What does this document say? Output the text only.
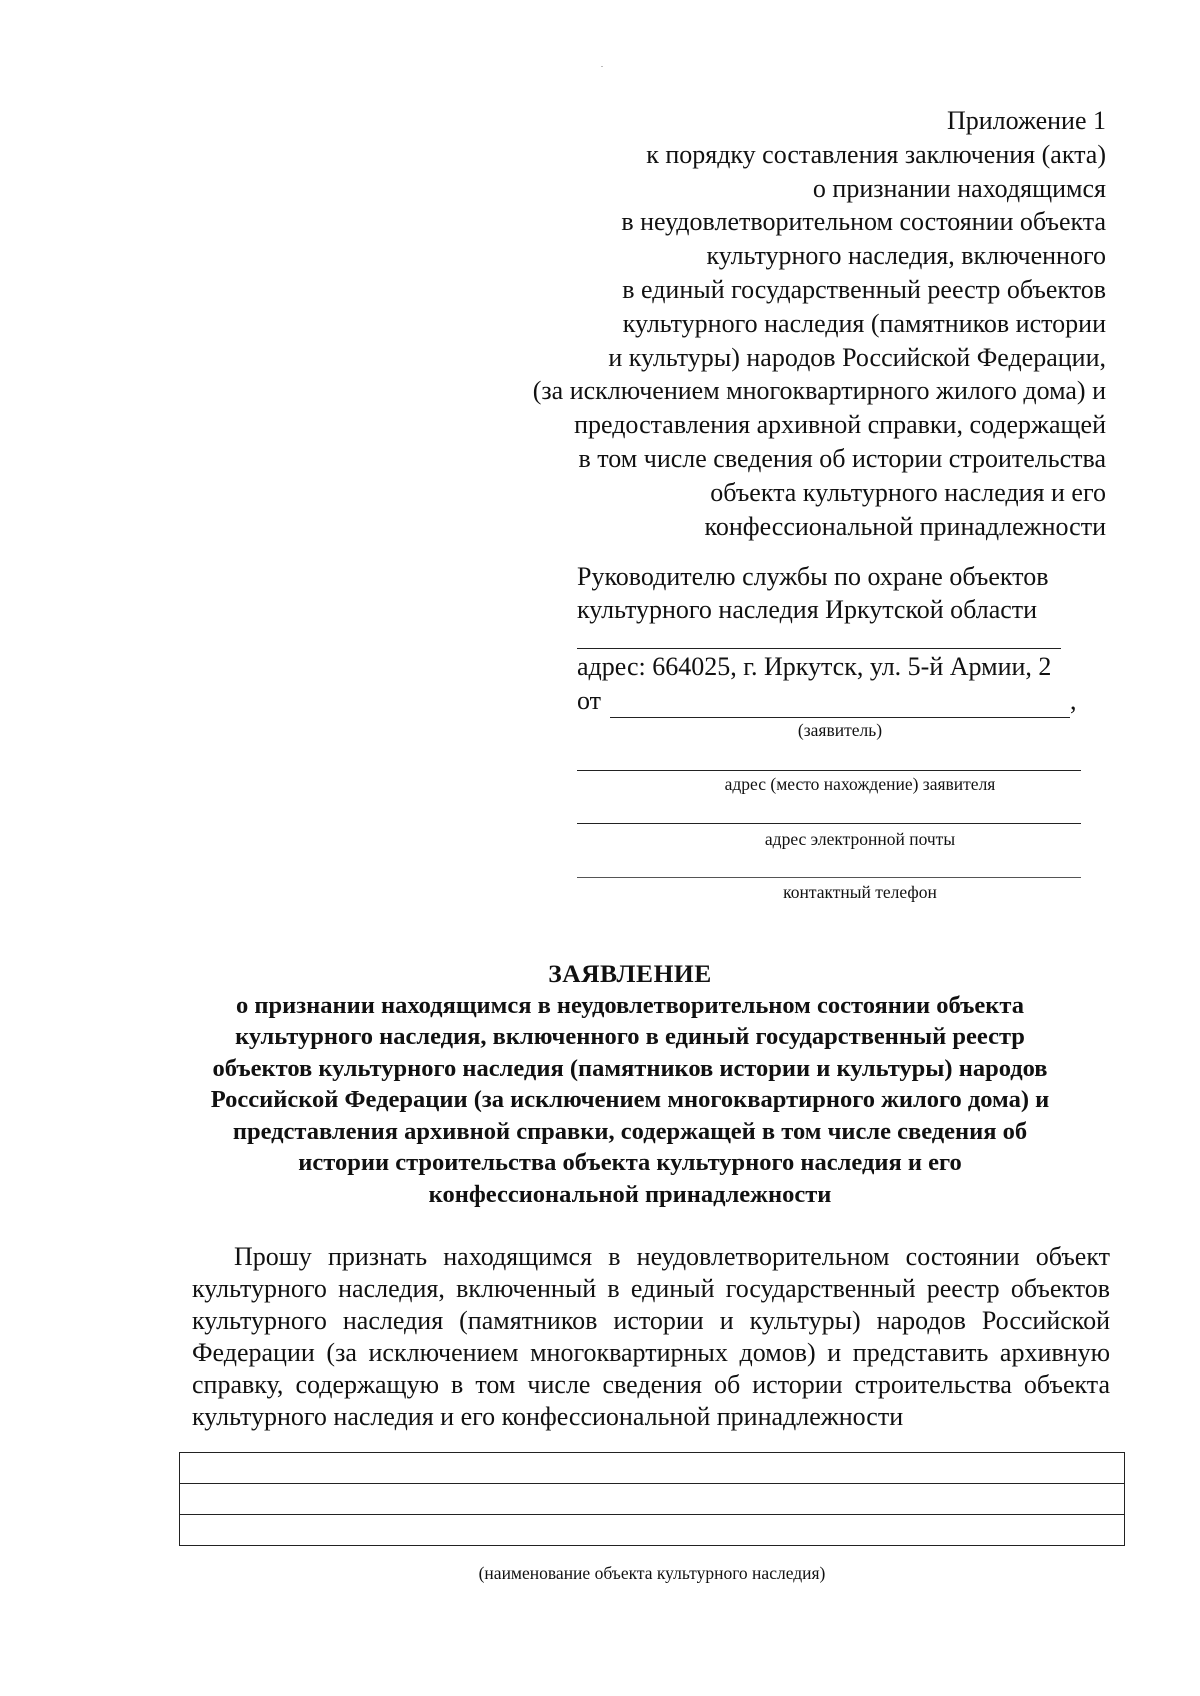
Приложение 1
к порядку составления заключения (акта)
о признании находящимся
в неудовлетворительном состоянии объекта
культурного наследия, включенного
в единый государственный реестр объектов
культурного наследия (памятников истории
и культуры) народов Российской Федерации,
(за исключением многоквартирного жилого дома) и
предоставления архивной справки, содержащей
в том числе сведения об истории строительства
объекта культурного наследия и его
конфессиональной принадлежности
Руководителю службы по охране объектов
культурного наследия Иркутской области
адрес: 664025, г. Иркутск, ул. 5-й Армии, 2
от	,
(заявитель)
адрес (место нахождение) заявителя
адрес электронной почты
контактный телефон
ЗАЯВЛЕНИЕ
о признании находящимся в неудовлетворительном состоянии объекта
культурного наследия, включенного в единый государственный реестр
объектов культурного наследия (памятников истории и культуры) народов
Российской Федерации (за исключением многоквартирного жилого дома) и
представления архивной справки, содержащей в том числе сведения об
истории строительства объекта культурного наследия и его
конфессиональной принадлежности
Прошу признать находящимся в неудовлетворительном состоянии объект
культурного наследия, включенный в единый государственный реестр объектов
культурного наследия (памятников истории и культуры) народов Российской
Федерации (за исключением многоквартирных домов) и представить архивную
справку, содержащую в том числе сведения об истории строительства объекта
культурного наследия и его конфессиональной принадлежности

(наименование объекта культурного наследия)
